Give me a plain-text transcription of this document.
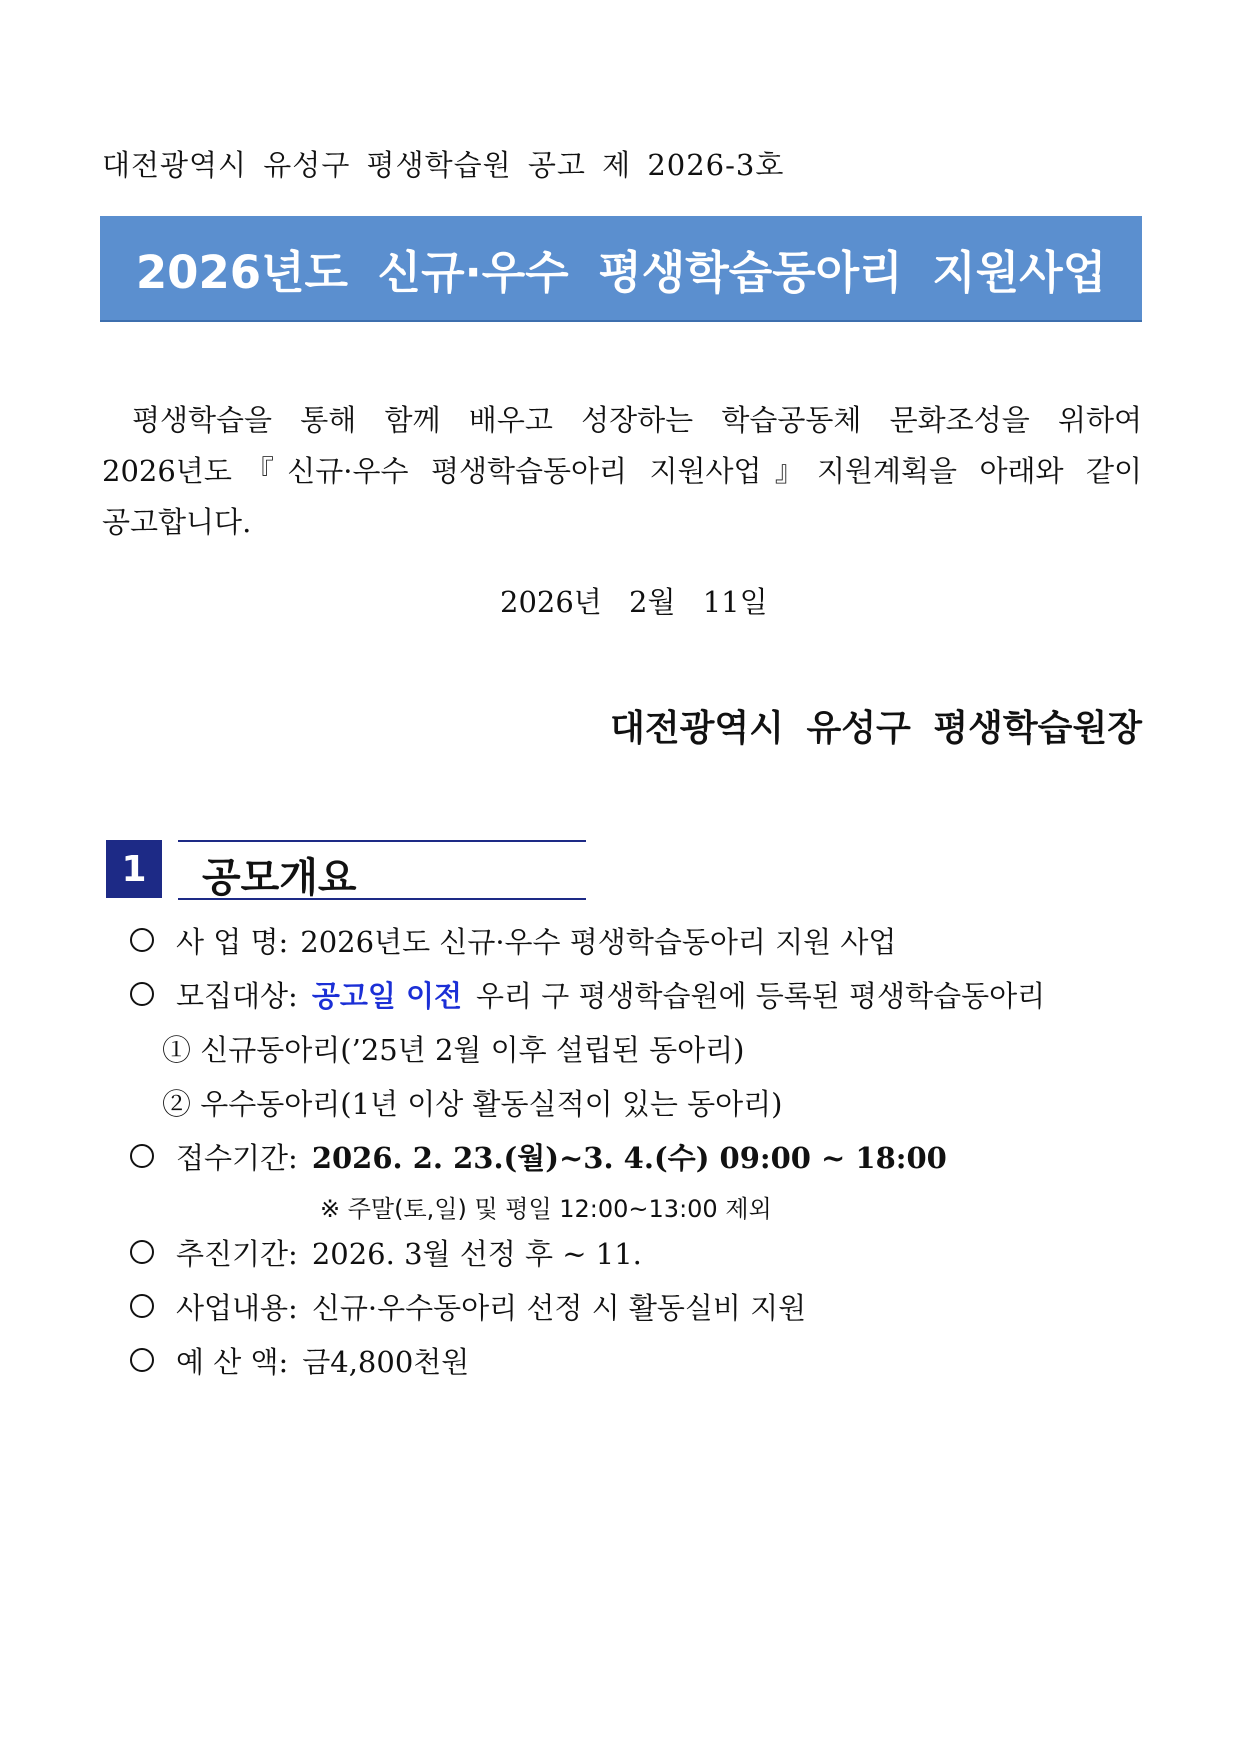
대전광역시 유성구 평생학습원 공고 제 2026-3호
2026년도 신규·우수 평생학습동아리 지원사업
평생학습을 통해 함께 배우고 성장하는 학습공동체 문화조성을 위하여
2026년도『신규·우수 평생학습동아리 지원사업』지원계획을 아래와 같이
공고합니다.
2026년 2월 11일
대전광역시 유성구 평생학습원장
1	공모개요
사 업 명: 2026년도 신규·우수 평생학습동아리 지원 사업
모집대상: 공고일 이전 우리 구 평생학습원에 등록된 평생학습동아리
① 신규동아리(’25년 2월 이후 설립된 동아리)
② 우수동아리(1년 이상 활동실적이 있는 동아리)
접수기간: 2026. 2. 23.(월)~3. 4.(수) 09:00 ~ 18:00
※ 주말(토,일) 및 평일 12:00~13:00 제외
추진기간: 2026. 3월 선정 후 ~ 11.
사업내용: 신규·우수동아리 선정 시 활동실비 지원
예 산 액: 금4,800천원
